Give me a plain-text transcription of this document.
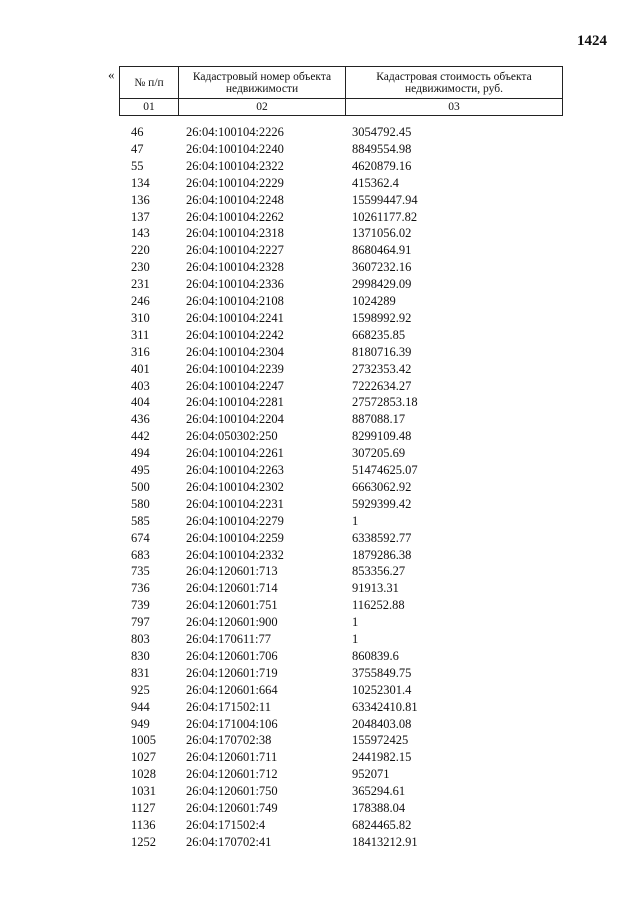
1424
«
№ п/п	Кадастровый номер объекта недвижимости	Кадастровая стоимость объекта недвижимости, руб.

01	02	03
46	26:04:100104:2226	3054792.45
47	26:04:100104:2240	8849554.98
55	26:04:100104:2322	4620879.16
134	26:04:100104:2229	415362.4
136	26:04:100104:2248	15599447.94
137	26:04:100104:2262	10261177.82
143	26:04:100104:2318	1371056.02
220	26:04:100104:2227	8680464.91
230	26:04:100104:2328	3607232.16
231	26:04:100104:2336	2998429.09
246	26:04:100104:2108	1024289
310	26:04:100104:2241	1598992.92
311	26:04:100104:2242	668235.85
316	26:04:100104:2304	8180716.39
401	26:04:100104:2239	2732353.42
403	26:04:100104:2247	7222634.27
404	26:04:100104:2281	27572853.18
436	26:04:100104:2204	887088.17
442	26:04:050302:250	8299109.48
494	26:04:100104:2261	307205.69
495	26:04:100104:2263	51474625.07
500	26:04:100104:2302	6663062.92
580	26:04:100104:2231	5929399.42
585	26:04:100104:2279	1
674	26:04:100104:2259	6338592.77
683	26:04:100104:2332	1879286.38
735	26:04:120601:713	853356.27
736	26:04:120601:714	91913.31
739	26:04:120601:751	116252.88
797	26:04:120601:900	1
803	26:04:170611:77	1
830	26:04:120601:706	860839.6
831	26:04:120601:719	3755849.75
925	26:04:120601:664	10252301.4
944	26:04:171502:11	63342410.81
949	26:04:171004:106	2048403.08
1005 26:04:170702:38	155972425
1027 26:04:120601:711	2441982.15
1028 26:04:120601:712	952071
1031 26:04:120601:750	365294.61
1127 26:04:120601:749	178388.04
1136 26:04:171502:4	6824465.82
1252 26:04:170702:41	18413212.91
